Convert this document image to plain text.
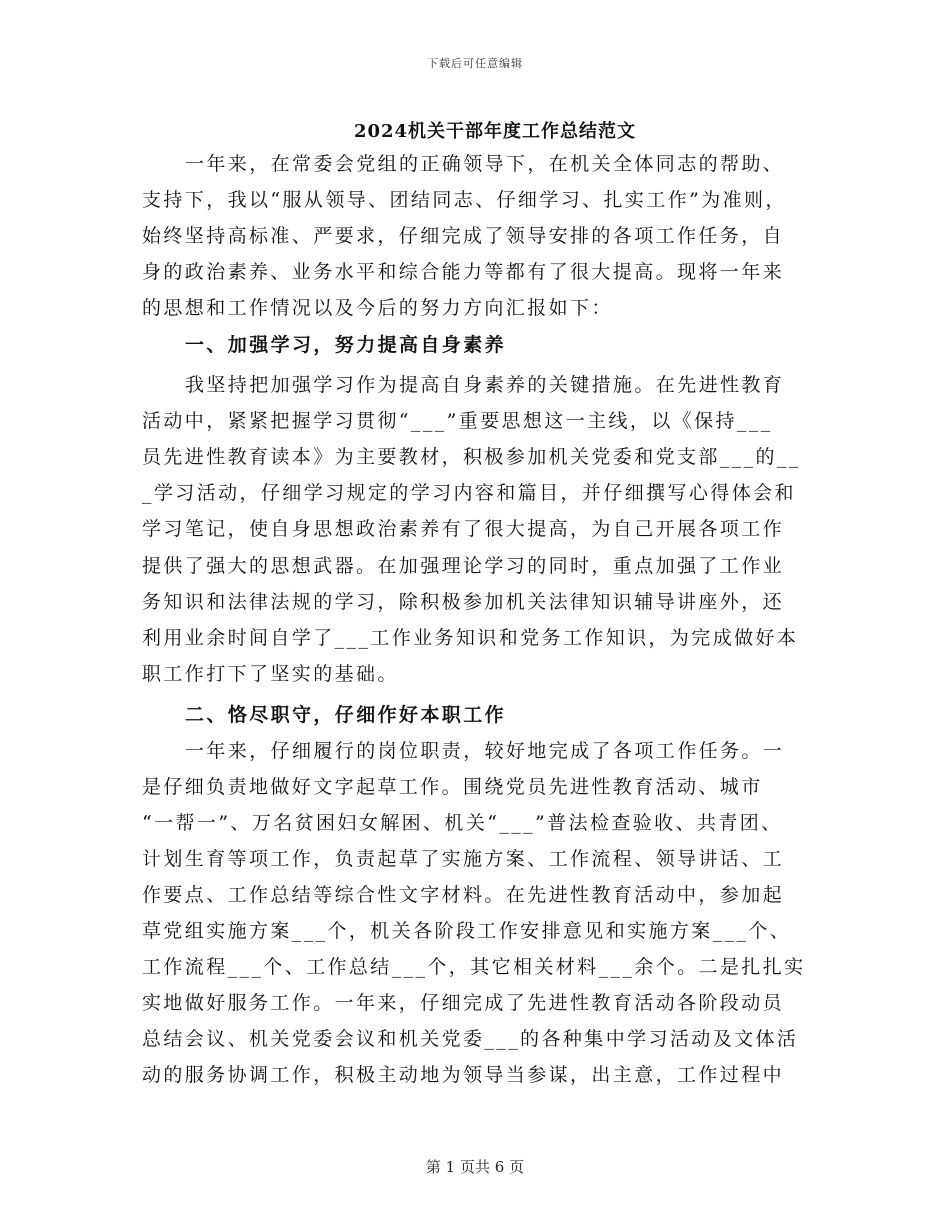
下载后可任意编辑
2024机关干部年度工作总结范文
一年来，在常委会党组的正确领导下，在机关全体同志的帮助、
支持下，我以“服从领导、团结同志、仔细学习、扎实工作”为准则，
始终坚持高标准、严要求，仔细完成了领导安排的各项工作任务，自
身的政治素养、业务水平和综合能力等都有了很大提高。现将一年来
的思想和工作情况以及今后的努力方向汇报如下：
一、加强学习，努力提高自身素养
我坚持把加强学习作为提高自身素养的关键措施。在先进性教育
活动中，紧紧把握学习贯彻“___”重要思想这一主线，以《保持___
员先进性教育读本》为主要教材，积极参加机关党委和党支部___的__
_学习活动，仔细学习规定的学习内容和篇目，并仔细撰写心得体会和
学习笔记，使自身思想政治素养有了很大提高，为自己开展各项工作
提供了强大的思想武器。在加强理论学习的同时，重点加强了工作业
务知识和法律法规的学习，除积极参加机关法律知识辅导讲座外，还
利用业余时间自学了___工作业务知识和党务工作知识，为完成做好本
职工作打下了坚实的基础。
二、恪尽职守，仔细作好本职工作
一年来，仔细履行的岗位职责，较好地完成了各项工作任务。一
是仔细负责地做好文字起草工作。围绕党员先进性教育活动、城市
“一帮一”、万名贫困妇女解困、机关“___”普法检查验收、共青团、
计划生育等项工作，负责起草了实施方案、工作流程、领导讲话、工
作要点、工作总结等综合性文字材料。在先进性教育活动中，参加起
草党组实施方案___个，机关各阶段工作安排意见和实施方案___个、
工作流程___个、工作总结___个，其它相关材料___余个。二是扎扎实
实地做好服务工作。一年来，仔细完成了先进性教育活动各阶段动员
总结会议、机关党委会议和机关党委___的各种集中学习活动及文体活
动的服务协调工作，积极主动地为领导当参谋，出主意，工作过程中
第 1 页共 6 页
